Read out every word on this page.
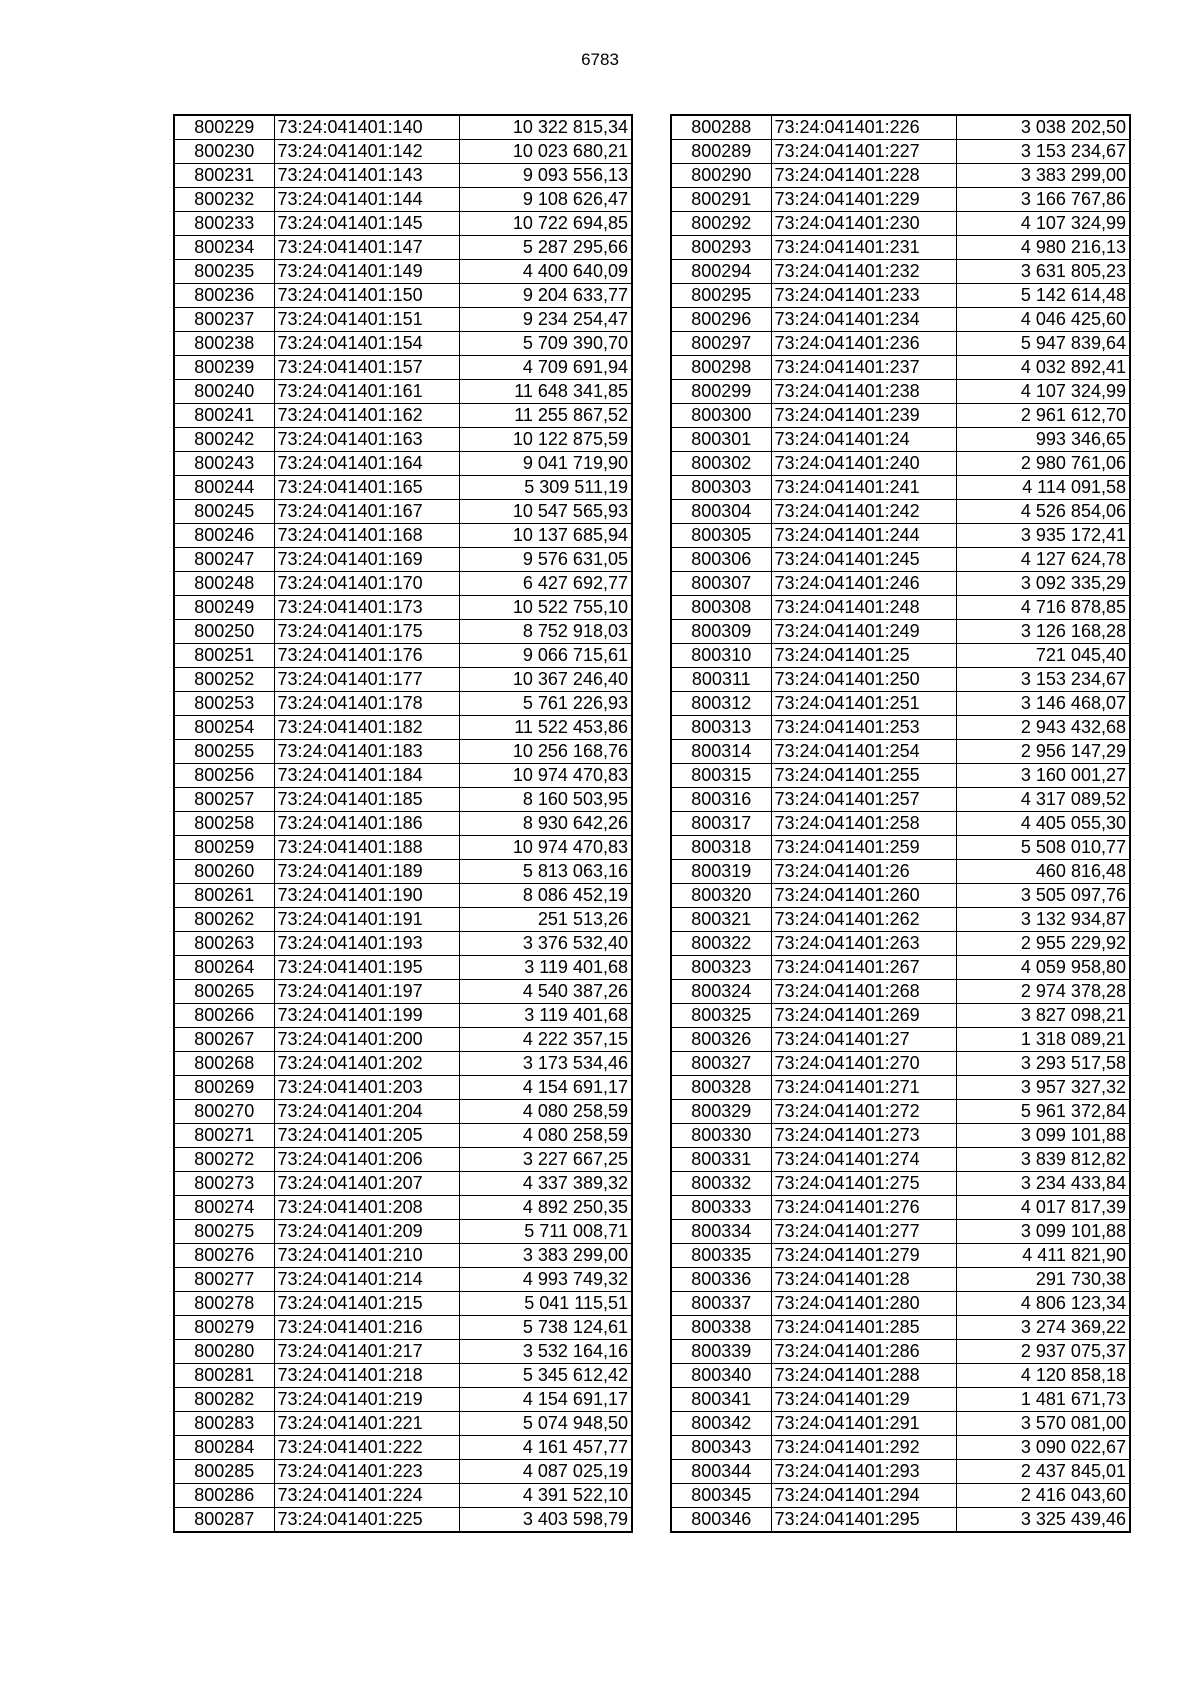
6783
800229	73:24:041401:140	10 322 815,34
800230	73:24:041401:142	10 023 680,21
800231	73:24:041401:143	9 093 556,13
800232	73:24:041401:144	9 108 626,47
800233	73:24:041401:145	10 722 694,85
800234	73:24:041401:147	5 287 295,66
800235	73:24:041401:149	4 400 640,09
800236	73:24:041401:150	9 204 633,77
800237	73:24:041401:151	9 234 254,47
800238	73:24:041401:154	5 709 390,70
800239	73:24:041401:157	4 709 691,94
800240	73:24:041401:161	11 648 341,85
800241	73:24:041401:162	11 255 867,52
800242	73:24:041401:163	10 122 875,59
800243	73:24:041401:164	9 041 719,90
800244	73:24:041401:165	5 309 511,19
800245	73:24:041401:167	10 547 565,93
800246	73:24:041401:168	10 137 685,94
800247	73:24:041401:169	9 576 631,05
800248	73:24:041401:170	6 427 692,77
800249	73:24:041401:173	10 522 755,10
800250	73:24:041401:175	8 752 918,03
800251	73:24:041401:176	9 066 715,61
800252	73:24:041401:177	10 367 246,40
800253	73:24:041401:178	5 761 226,93
800254	73:24:041401:182	11 522 453,86
800255	73:24:041401:183	10 256 168,76
800256	73:24:041401:184	10 974 470,83
800257	73:24:041401:185	8 160 503,95
800258	73:24:041401:186	8 930 642,26
800259	73:24:041401:188	10 974 470,83
800260	73:24:041401:189	5 813 063,16
800261	73:24:041401:190	8 086 452,19
800262	73:24:041401:191	251 513,26
800263	73:24:041401:193	3 376 532,40
800264	73:24:041401:195	3 119 401,68
800265	73:24:041401:197	4 540 387,26
800266	73:24:041401:199	3 119 401,68
800267	73:24:041401:200	4 222 357,15
800268	73:24:041401:202	3 173 534,46
800269	73:24:041401:203	4 154 691,17
800270	73:24:041401:204	4 080 258,59
800271	73:24:041401:205	4 080 258,59
800272	73:24:041401:206	3 227 667,25
800273	73:24:041401:207	4 337 389,32
800274	73:24:041401:208	4 892 250,35
800275	73:24:041401:209	5 711 008,71
800276	73:24:041401:210	3 383 299,00
800277	73:24:041401:214	4 993 749,32
800278	73:24:041401:215	5 041 115,51
800279	73:24:041401:216	5 738 124,61
800280	73:24:041401:217	3 532 164,16
800281	73:24:041401:218	5 345 612,42
800282	73:24:041401:219	4 154 691,17
800283	73:24:041401:221	5 074 948,50
800284	73:24:041401:222	4 161 457,77
800285	73:24:041401:223	4 087 025,19
800286	73:24:041401:224	4 391 522,10
800287	73:24:041401:225	3 403 598,79
800288	73:24:041401:226	3 038 202,50
800289	73:24:041401:227	3 153 234,67
800290	73:24:041401:228	3 383 299,00
800291	73:24:041401:229	3 166 767,86
800292	73:24:041401:230	4 107 324,99
800293	73:24:041401:231	4 980 216,13
800294	73:24:041401:232	3 631 805,23
800295	73:24:041401:233	5 142 614,48
800296	73:24:041401:234	4 046 425,60
800297	73:24:041401:236	5 947 839,64
800298	73:24:041401:237	4 032 892,41
800299	73:24:041401:238	4 107 324,99
800300	73:24:041401:239	2 961 612,70
800301	73:24:041401:24	993 346,65
800302	73:24:041401:240	2 980 761,06
800303	73:24:041401:241	4 114 091,58
800304	73:24:041401:242	4 526 854,06
800305	73:24:041401:244	3 935 172,41
800306	73:24:041401:245	4 127 624,78
800307	73:24:041401:246	3 092 335,29
800308	73:24:041401:248	4 716 878,85
800309	73:24:041401:249	3 126 168,28
800310	73:24:041401:25	721 045,40
800311	73:24:041401:250	3 153 234,67
800312	73:24:041401:251	3 146 468,07
800313	73:24:041401:253	2 943 432,68
800314	73:24:041401:254	2 956 147,29
800315	73:24:041401:255	3 160 001,27
800316	73:24:041401:257	4 317 089,52
800317	73:24:041401:258	4 405 055,30
800318	73:24:041401:259	5 508 010,77
800319	73:24:041401:26	460 816,48
800320	73:24:041401:260	3 505 097,76
800321	73:24:041401:262	3 132 934,87
800322	73:24:041401:263	2 955 229,92
800323	73:24:041401:267	4 059 958,80
800324	73:24:041401:268	2 974 378,28
800325	73:24:041401:269	3 827 098,21
800326	73:24:041401:27	1 318 089,21
800327	73:24:041401:270	3 293 517,58
800328	73:24:041401:271	3 957 327,32
800329	73:24:041401:272	5 961 372,84
800330	73:24:041401:273	3 099 101,88
800331	73:24:041401:274	3 839 812,82
800332	73:24:041401:275	3 234 433,84
800333	73:24:041401:276	4 017 817,39
800334	73:24:041401:277	3 099 101,88
800335	73:24:041401:279	4 411 821,90
800336	73:24:041401:28	291 730,38
800337	73:24:041401:280	4 806 123,34
800338	73:24:041401:285	3 274 369,22
800339	73:24:041401:286	2 937 075,37
800340	73:24:041401:288	4 120 858,18
800341	73:24:041401:29	1 481 671,73
800342	73:24:041401:291	3 570 081,00
800343	73:24:041401:292	3 090 022,67
800344	73:24:041401:293	2 437 845,01
800345	73:24:041401:294	2 416 043,60
800346	73:24:041401:295	3 325 439,46
